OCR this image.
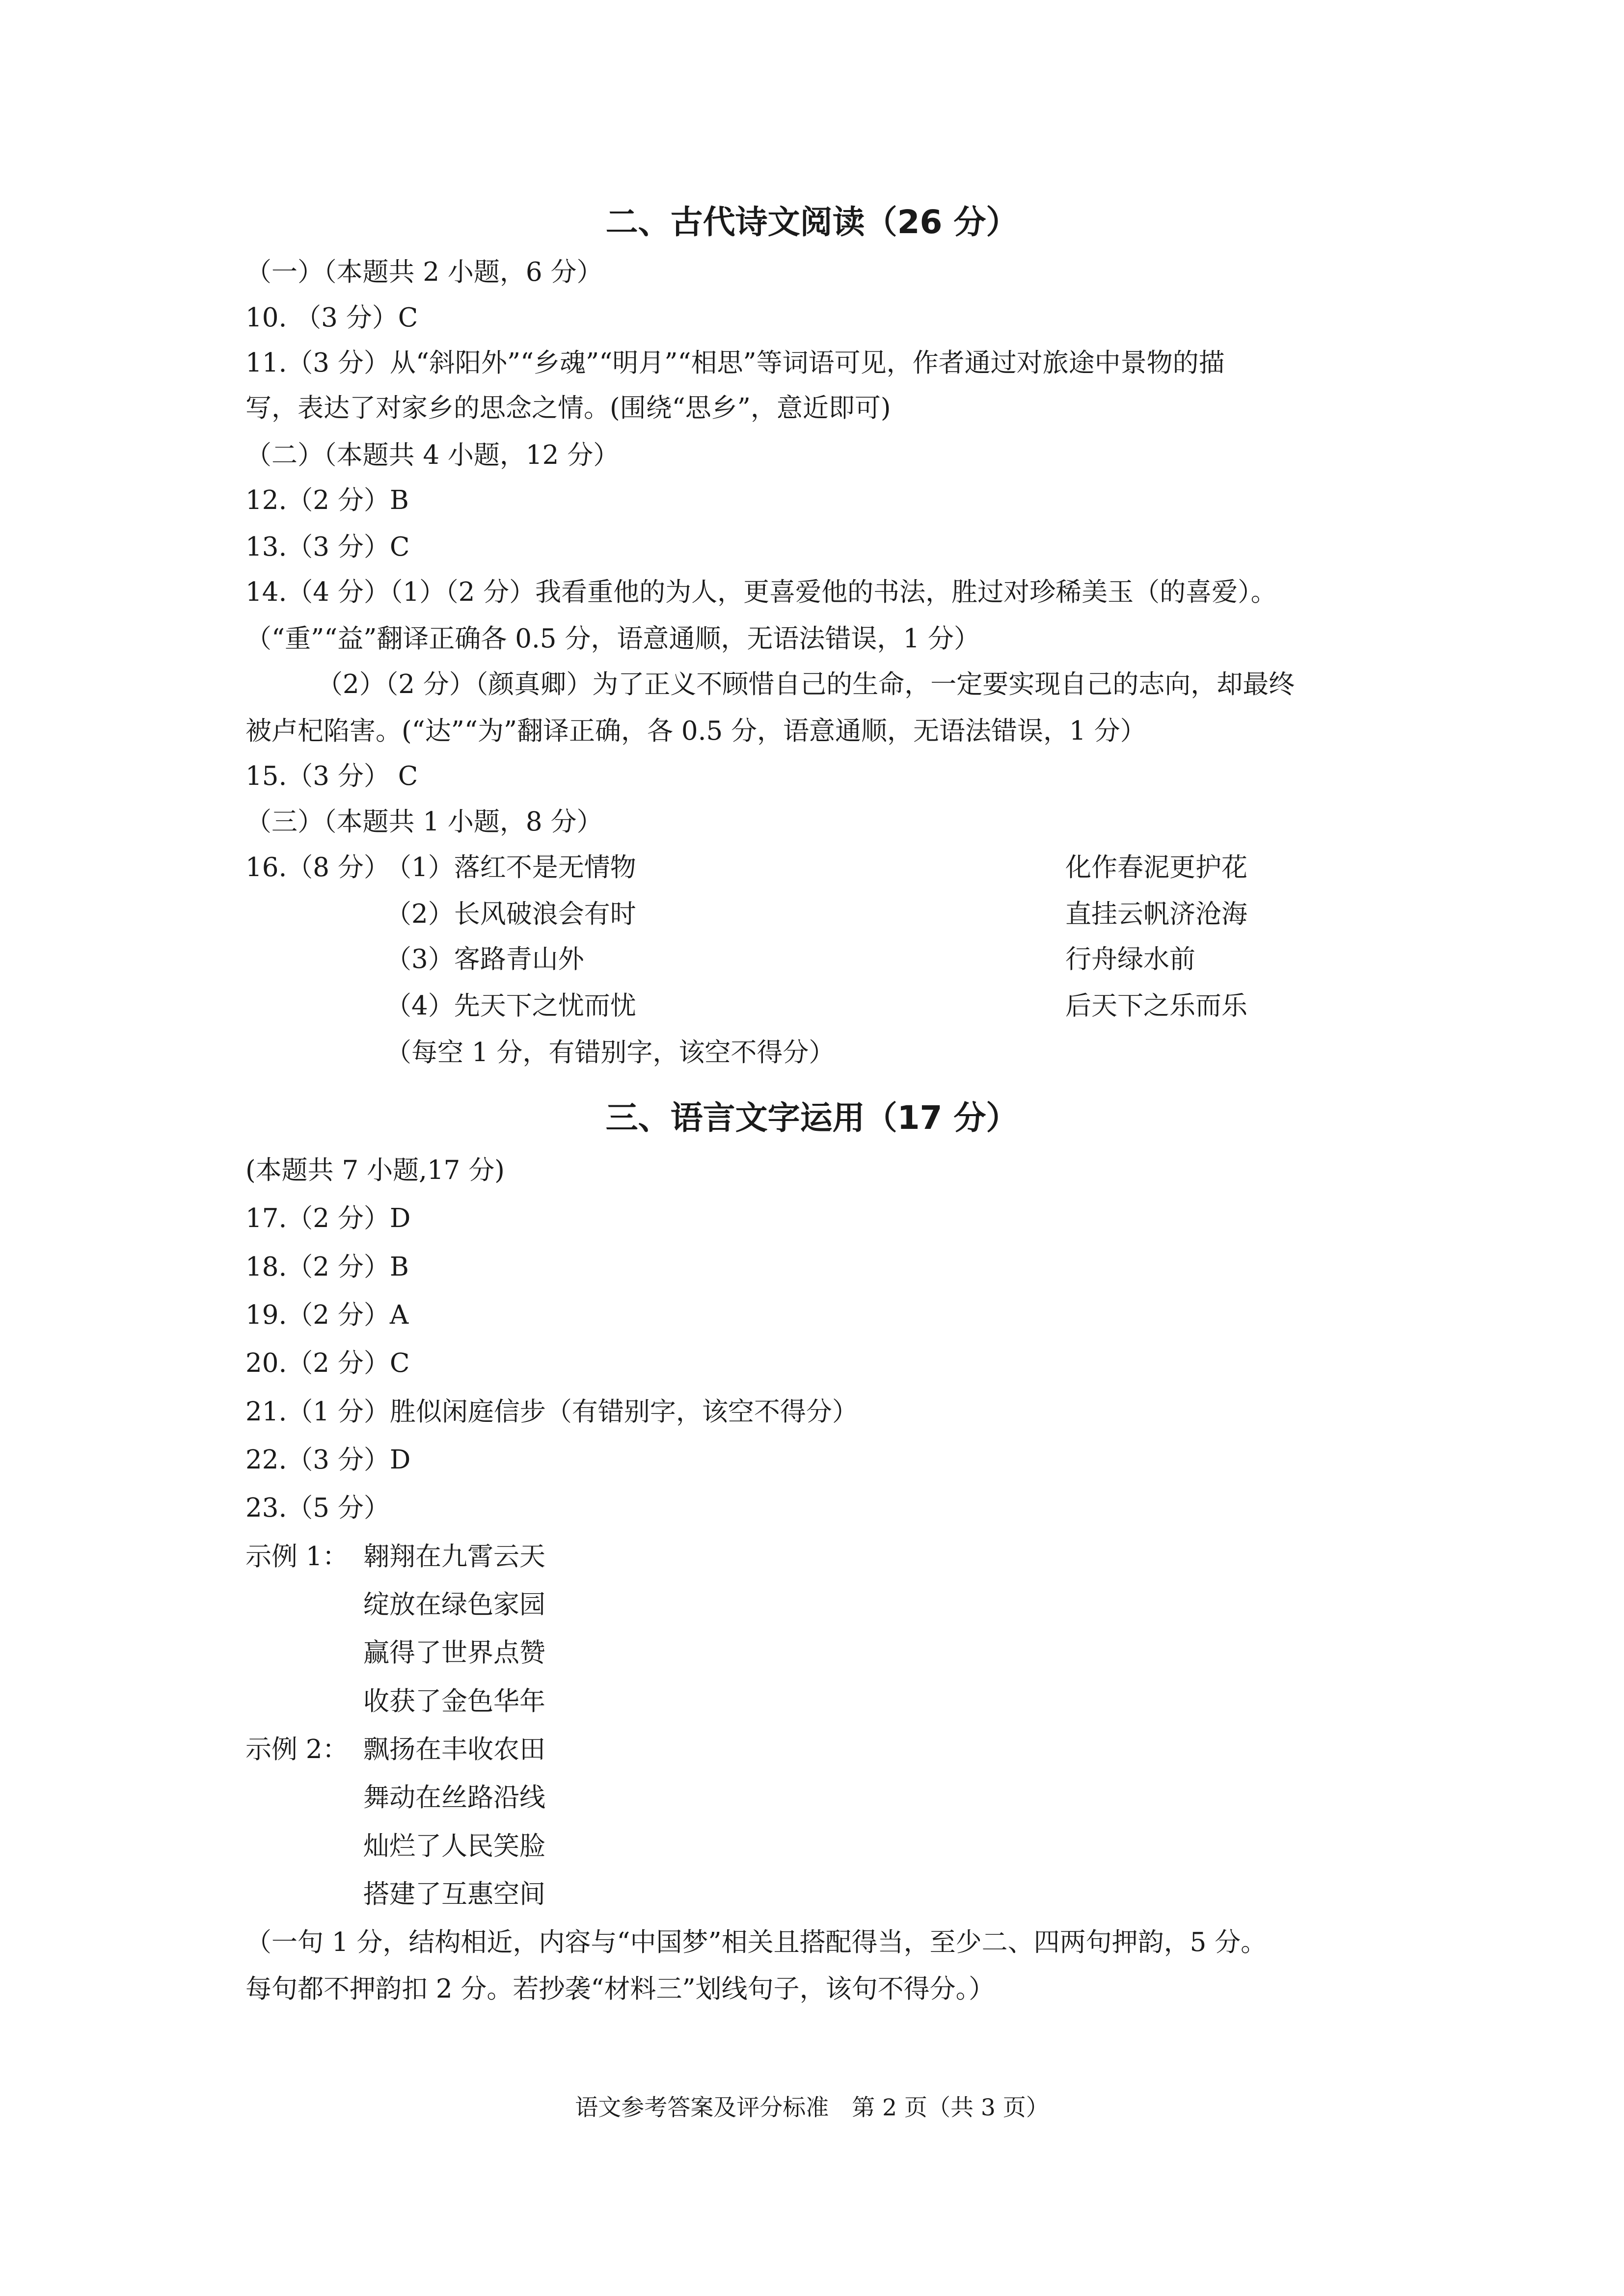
二、古代诗文阅读（26 分）
（一）（本题共 2 小题，6 分）
10. （3 分）C
11.（3 分）从“斜阳外”“乡魂”“明月”“相思”等词语可见，作者通过对旅途中景物的描
写，表达了对家乡的思念之情。(围绕“思乡”，意近即可)
（二）（本题共 4 小题，12 分）
12.（2 分）B
13.（3 分）C
14.（4 分）（1）（2 分）我看重他的为人，更喜爱他的书法，胜过对珍稀美玉（的喜爱）。
（“重”“益”翻译正确各 0.5 分，语意通顺，无语法错误，1 分）
（2）（2 分）（颜真卿）为了正义不顾惜自己的生命，一定要实现自己的志向，却最终
被卢杞陷害。(“达”“为”翻译正确，各 0.5 分，语意通顺，无语法错误，1 分）
15.（3 分） C
（三）（本题共 1 小题，8 分）
16.（8 分）
（1）落红不是无情物	化作春泥更护花
（2）长风破浪会有时	直挂云帆济沧海
（3）客路青山外	行舟绿水前
（4）先天下之忧而忧	后天下之乐而乐
（每空 1 分，有错别字，该空不得分）
三、语言文字运用（17 分）
(本题共 7 小题,17 分)
17.（2 分）D
18.（2 分）B
19.（2 分）A
20.（2 分）C
21.（1 分）胜似闲庭信步（有错别字，该空不得分）
22.（3 分）D
23.（5 分）
示例 1： 翱翔在九霄云天
绽放在绿色家园
赢得了世界点赞
收获了金色华年
示例 2： 飘扬在丰收农田
舞动在丝路沿线
灿烂了人民笑脸
搭建了互惠空间
（一句 1 分，结构相近，内容与“中国梦”相关且搭配得当，至少二、四两句押韵，5 分。
每句都不押韵扣 2 分。若抄袭“材料三”划线句子，该句不得分。）
语文参考答案及评分标准　第 2 页（共 3 页）
